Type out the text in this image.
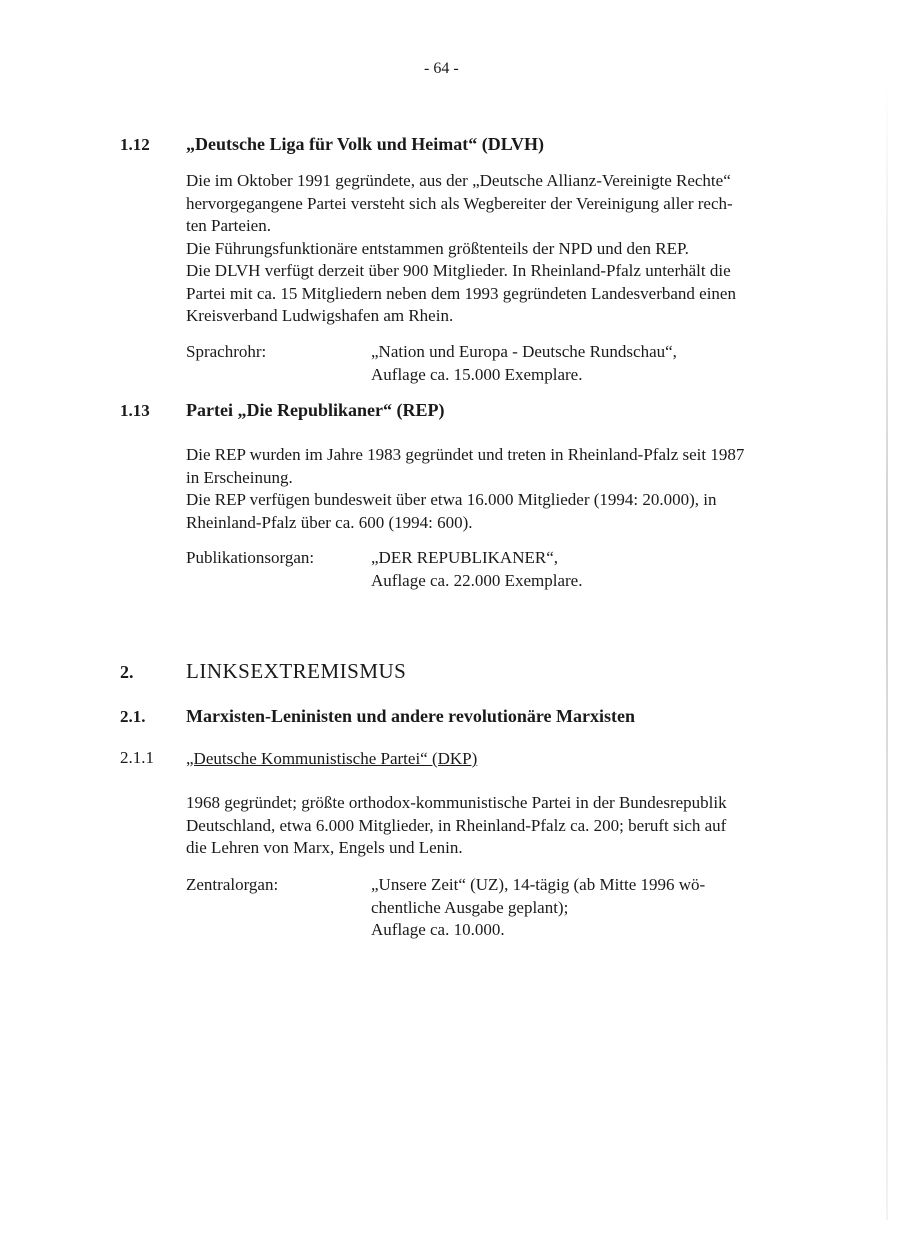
- 64 -
1.12 „Deutsche Liga für Volk und Heimat“ (DLVH)
Die im Oktober 1991 gegründete, aus der „Deutsche Allianz-Vereinigte Rechte“
hervorgegangene Partei versteht sich als Wegbereiter der Vereinigung aller rech-
ten Parteien.
Die Führungsfunktionäre entstammen größtenteils der NPD und den REP.
Die DLVH verfügt derzeit über 900 Mitglieder. In Rheinland-Pfalz unterhält die
Partei mit ca. 15 Mitgliedern neben dem 1993 gegründeten Landesverband einen
Kreisverband Ludwigshafen am Rhein.
Sprachrohr:	„Nation und Europa - Deutsche Rundschau“,
Auflage ca. 15.000 Exemplare.
1.13 Partei „Die Republikaner“ (REP)
Die REP wurden im Jahre 1983 gegründet und treten in Rheinland-Pfalz seit 1987
in Erscheinung.
Die REP verfügen bundesweit über etwa 16.000 Mitglieder (1994: 20.000), in
Rheinland-Pfalz über ca. 600 (1994: 600).
Publikationsorgan:	„DER REPUBLIKANER“,
Auflage ca. 22.000 Exemplare.
2.	LINKSEXTREMISMUS
2.1. Marxisten-Leninisten und andere revolutionäre Marxisten
2.1.1 „Deutsche Kommunistische Partei“ (DKP)
1968 gegründet; größte orthodox-kommunistische Partei in der Bundesrepublik
Deutschland, etwa 6.000 Mitglieder, in Rheinland-Pfalz ca. 200; beruft sich auf
die Lehren von Marx, Engels und Lenin.
Zentralorgan:	„Unsere Zeit“ (UZ), 14-tägig (ab Mitte 1996 wö-
chentliche Ausgabe geplant);
Auflage ca. 10.000.
